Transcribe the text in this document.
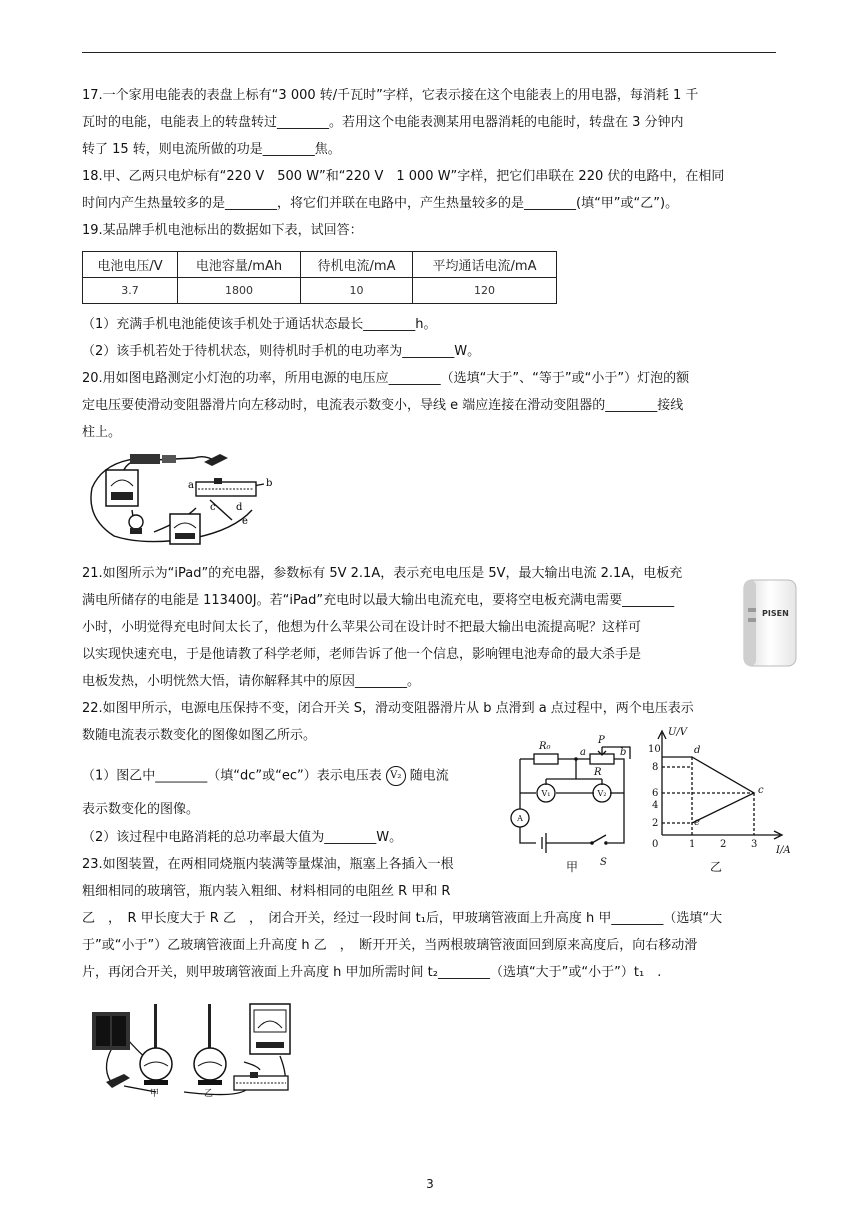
17.一个家用电能表的表盘上标有“3 000 转/千瓦时”字样，它表示接在这个电能表上的用电器，每消耗 1 千
瓦时的电能，电能表上的转盘转过________。若用这个电能表测某用电器消耗的电能时，转盘在 3 分钟内
转了 15 转，则电流所做的功是________焦。
18.甲、乙两只电炉标有“220 V　500 W”和“220 V　1 000 W”字样，把它们串联在 220 伏的电路中，在相同
时间内产生热量较多的是________，将它们并联在电路中，产生热量较多的是________(填“甲”或“乙”)。
19.某品牌手机电池标出的数据如下表，试回答：
电池电压/V	电池容量/mAh	待机电流/mA	平均通话电流/mA
3.7	1800	10	120
（1）充满手机电池能使该手机处于通话状态最长________h。
（2）该手机若处于待机状态，则待机时手机的电功率为________W。
20.用如图电路测定小灯泡的功率，所用电源的电压应________（选填“大于”、“等于”或“小于”）灯泡的额
定电压要使滑动变阻器滑片向左移动时，电流表示数变小，导线 e 端应连接在滑动变阻器的________接线
柱上。
a	b
c d
e
21.如图所示为“iPad”的充电器，参数标有 5V 2.1A，表示充电电压是 5V，最大输出电流 2.1A，电板充
满电所储存的电能是 113400J。若“iPad”充电时以最大输出电流充电，要将空电板充满电需要________
小时，小明觉得充电时间太长了，他想为什么苹果公司在设计时不把最大输出电流提高呢？这样可
以实现快速充电，于是他请教了科学老师，老师告诉了他一个信息，影响锂电池寿命的最大杀手是
电板发热，小明恍然大悟，请你解释其中的原因________。
PISEN
22.如图甲所示，电源电压保持不变，闭合开关 S，滑动变阻器滑片从 b 点滑到 a 点过程中，两个电压表示
数随电流表示数变化的图像如图乙所示。
（1）图乙中________（填“dc”或“ec”）表示电压表 V₂ 随电流
表示数变化的图像。
（2）该过程中电路消耗的总功率最大值为________W。
R₀
P
R
a	b
S
V₁	V₂
A
甲
U/V
I/A
0
2
4
6
8
10
1 2 3
d
c
e
乙
23.如图装置，在两相同烧瓶内装满等量煤油，瓶塞上各插入一根
粗细相同的玻璃管，瓶内装入粗细、材料相同的电阻丝 R 甲和 R
乙　，　R 甲长度大于 R 乙　，　闭合开关，经过一段时间 t₁后，甲玻璃管液面上升高度 h 甲________（选填“大
于”或“小于”）乙玻璃管液面上升高度 h 乙　，　断开开关，当两根玻璃管液面回到原来高度后，向右移动滑
片，再闭合开关，则甲玻璃管液面上升高度 h 甲加所需时间 t₂________（选填“大于”或“小于”）t₁　.
甲	乙
3
